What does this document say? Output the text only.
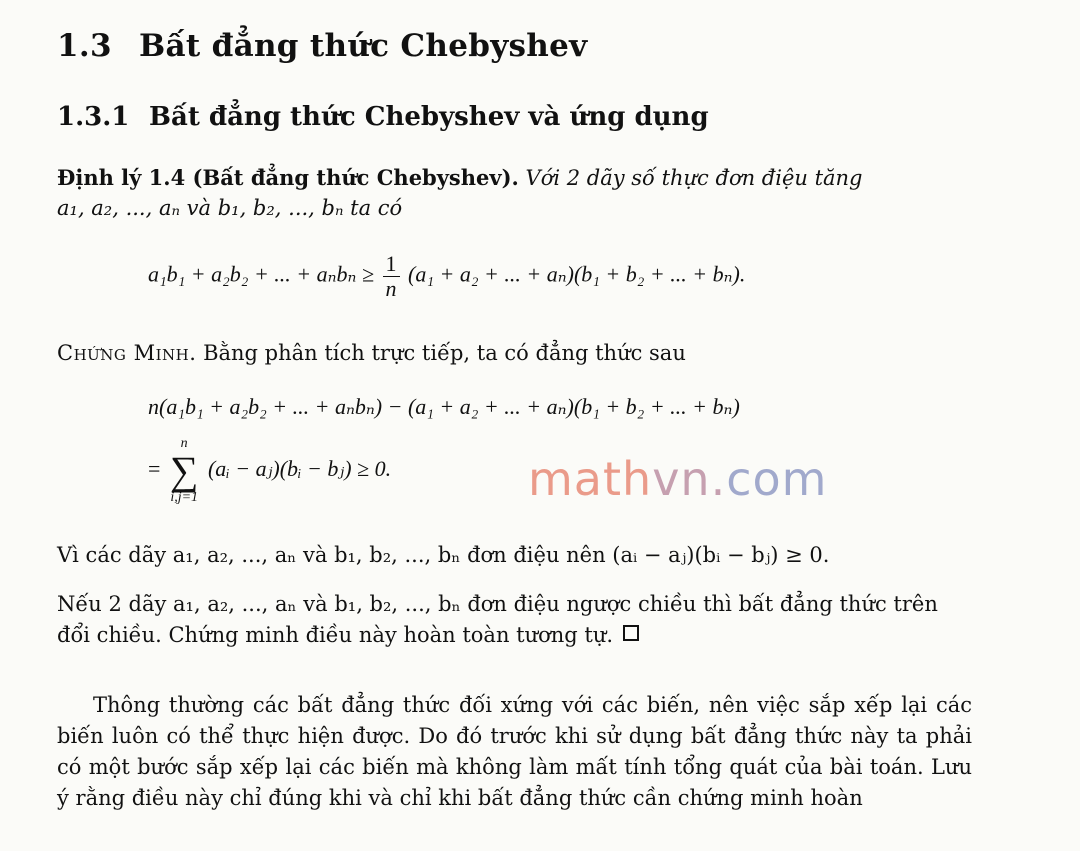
1.3 Bất đẳng thức Chebyshev
1.3.1 Bất đẳng thức Chebyshev và ứng dụng
Định lý 1.4 (Bất đẳng thức Chebyshev). Với 2 dãy số thực đơn điệu tăng
a₁, a₂, ..., aₙ và b₁, b₂, ..., bₙ ta có
a₁b₁ + a₂b₂ + ... + $a_nb_n \ge \frac{1}{n} (a_1 + a_2$ + ... + aₙ)(b₁ + b₂ + ... + bₙ).
Chứng Minh. Bằng phân tích trực tiếp, ta có đẳng thức sau
n(a₁b₁ + a₂b₂ + ... + aₙbₙ) − (a₁ + a₂ + ... + aₙ)(b₁ + b₂ + ... + bₙ)
=
n
∑
i,j=1
(aᵢ − aⱼ)(bᵢ − bⱼ) ≥ 0.	mathvn.com
Vì các dãy a₁, a₂, ..., aₙ và b₁, b₂, ..., bₙ đơn điệu nên (aᵢ − aⱼ)(bᵢ − bⱼ) ≥ 0.
Nếu 2 dãy a₁, a₂, ..., aₙ và b₁, b₂, ..., bₙ đơn điệu ngược chiều thì bất đẳng thức trên
đổi chiều. Chứng minh điều này hoàn toàn tương tự.
Thông thường các bất đẳng thức đối xứng với các biến, nên việc sắp xếp lại các biến luôn có thể thực hiện được. Do đó trước khi sử dụng bất đẳng thức này ta phải có một bước sắp xếp lại các biến mà không làm mất tính tổng quát của bài toán. Lưu ý rằng điều này chỉ đúng khi và chỉ khi bất đẳng thức cần chứng minh hoàn
